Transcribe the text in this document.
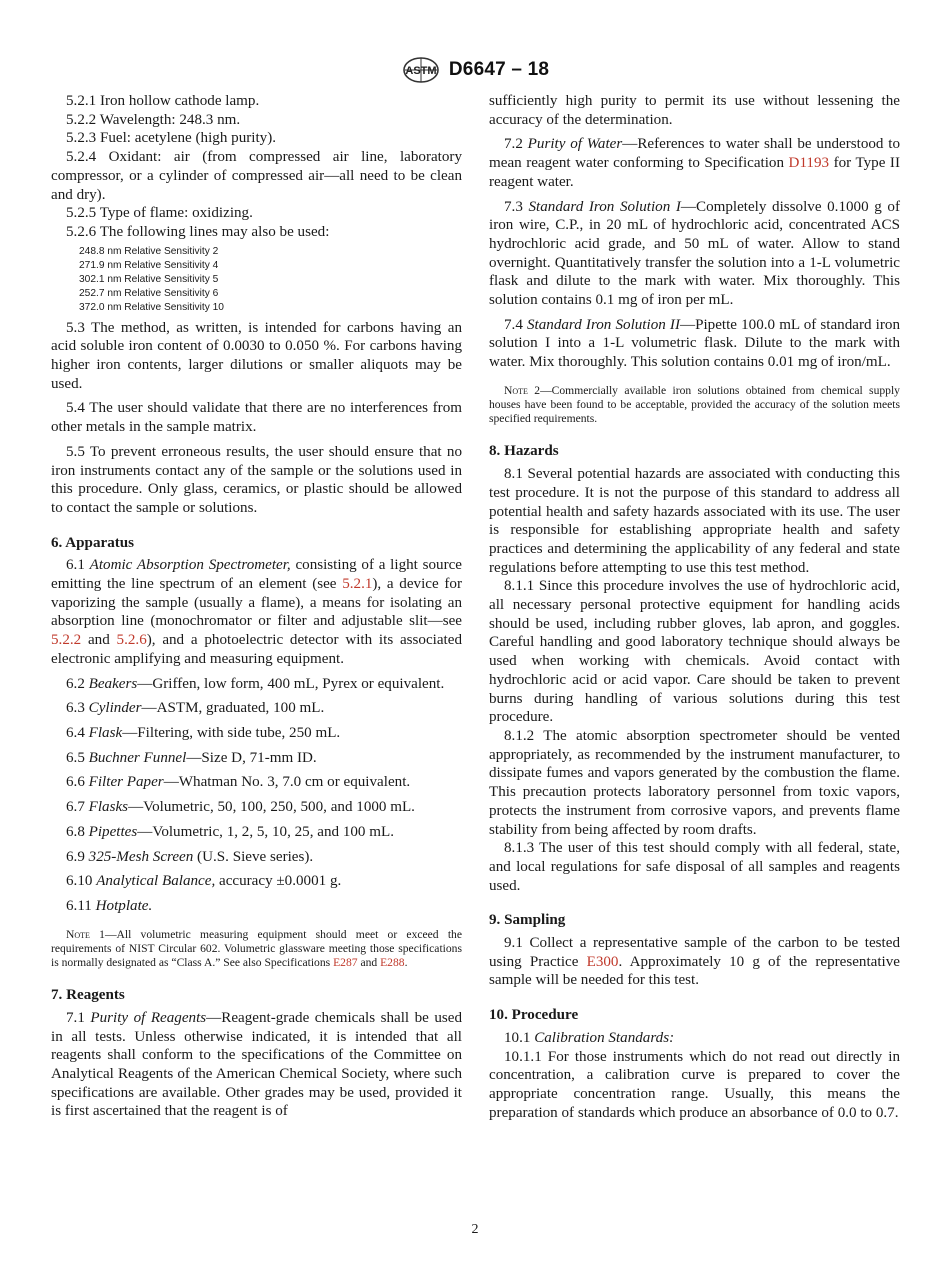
ASTM D6647 – 18

5.2.1 Iron hollow cathode lamp.

5.2.2 Wavelength: 248.3 nm.

5.2.3 Fuel: acetylene (high purity).

5.2.4 Oxidant: air (from compressed air line, laboratory compressor, or a cylinder of compressed air—all need to be clean and dry).

5.2.5 Type of flame: oxidizing.

5.2.6 The following lines may also be used:

248.8 nm Relative Sensitivity 2
271.9 nm Relative Sensitivity 4
302.1 nm Relative Sensitivity 5
252.7 nm Relative Sensitivity 6
372.0 nm Relative Sensitivity 10

5.3 The method, as written, is intended for carbons having an acid soluble iron content of 0.0030 to 0.050 %. For carbons having higher iron contents, larger dilutions or smaller aliquots may be used.

5.4 The user should validate that there are no interferences from other metals in the sample matrix.

5.5 To prevent erroneous results, the user should ensure that no iron instruments contact any of the sample or the solutions used in this procedure. Only glass, ceramics, or plastic should be allowed to contact the sample or solutions.

6. Apparatus

6.1 Atomic Absorption Spectrometer, consisting of a light source emitting the line spectrum of an element (see 5.2.1), a device for vaporizing the sample (usually a flame), a means for isolating an absorption line (monochromator or filter and adjustable slit—see 5.2.2 and 5.2.6), and a photoelectric detector with its associated electronic amplifying and measuring equipment.

6.2 Beakers—Griffen, low form, 400 mL, Pyrex or equivalent.

6.3 Cylinder—ASTM, graduated, 100 mL.

6.4 Flask—Filtering, with side tube, 250 mL.

6.5 Buchner Funnel—Size D, 71-mm ID.

6.6 Filter Paper—Whatman No. 3, 7.0 cm or equivalent.

6.7 Flasks—Volumetric, 50, 100, 250, 500, and 1000 mL.

6.8 Pipettes—Volumetric, 1, 2, 5, 10, 25, and 100 mL.

6.9 325-Mesh Screen (U.S. Sieve series).

6.10 Analytical Balance, accuracy ±0.0001 g.

6.11 Hotplate.

Note 1—All volumetric measuring equipment should meet or exceed the requirements of NIST Circular 602. Volumetric glassware meeting those specifications is normally designated as “Class A.” See also Specifications E287 and E288.

7. Reagents

7.1 Purity of Reagents—Reagent-grade chemicals shall be used in all tests. Unless otherwise indicated, it is intended that all reagents shall conform to the specifications of the Committee on Analytical Reagents of the American Chemical Society, where such specifications are available. Other grades may be used, provided it is first ascertained that the reagent is of

sufficiently high purity to permit its use without lessening the accuracy of the determination.

7.2 Purity of Water—References to water shall be understood to mean reagent water conforming to Specification D1193 for Type II reagent water.

7.3 Standard Iron Solution I—Completely dissolve 0.1000 g of iron wire, C.P., in 20 mL of hydrochloric acid, concentrated ACS hydrochloric acid grade, and 50 mL of water. Allow to stand overnight. Quantitatively transfer the solution into a 1-L volumetric flask and dilute to the mark with water. Mix thoroughly. This solution contains 0.1 mg of iron per mL.

7.4 Standard Iron Solution II—Pipette 100.0 mL of standard iron solution I into a 1-L volumetric flask. Dilute to the mark with water. Mix thoroughly. This solution contains 0.01 mg of iron/mL.

Note 2—Commercially available iron solutions obtained from chemical supply houses have been found to be acceptable, provided the accuracy of the solution meets specified requirements.

8. Hazards

8.1 Several potential hazards are associated with conducting this test procedure. It is not the purpose of this standard to address all potential health and safety hazards associated with its use. The user is responsible for establishing appropriate health and safety practices and determining the applicability of any federal and state regulations before attempting to use this test method.

8.1.1 Since this procedure involves the use of hydrochloric acid, all necessary personal protective equipment for handling acids should be used, including rubber gloves, lab apron, and goggles. Careful handling and good laboratory technique should always be used when working with chemicals. Avoid contact with hydrochloric acid or acid vapor. Care should be taken to prevent burns during handling of various solutions during this test procedure.

8.1.2 The atomic absorption spectrometer should be vented appropriately, as recommended by the instrument manufacturer, to dissipate fumes and vapors generated by the combustion the flame. This precaution protects laboratory personnel from toxic vapors, protects the instrument from corrosive vapors, and prevents flame stability from being affected by room drafts.

8.1.3 The user of this test should comply with all federal, state, and local regulations for safe disposal of all samples and reagents used.

9. Sampling

9.1 Collect a representative sample of the carbon to be tested using Practice E300. Approximately 10 g of the representative sample will be needed for this test.

10. Procedure

10.1 Calibration Standards:

10.1.1 For those instruments which do not read out directly in concentration, a calibration curve is prepared to cover the appropriate concentration range. Usually, this means the preparation of standards which produce an absorbance of 0.0 to 0.7.

2
